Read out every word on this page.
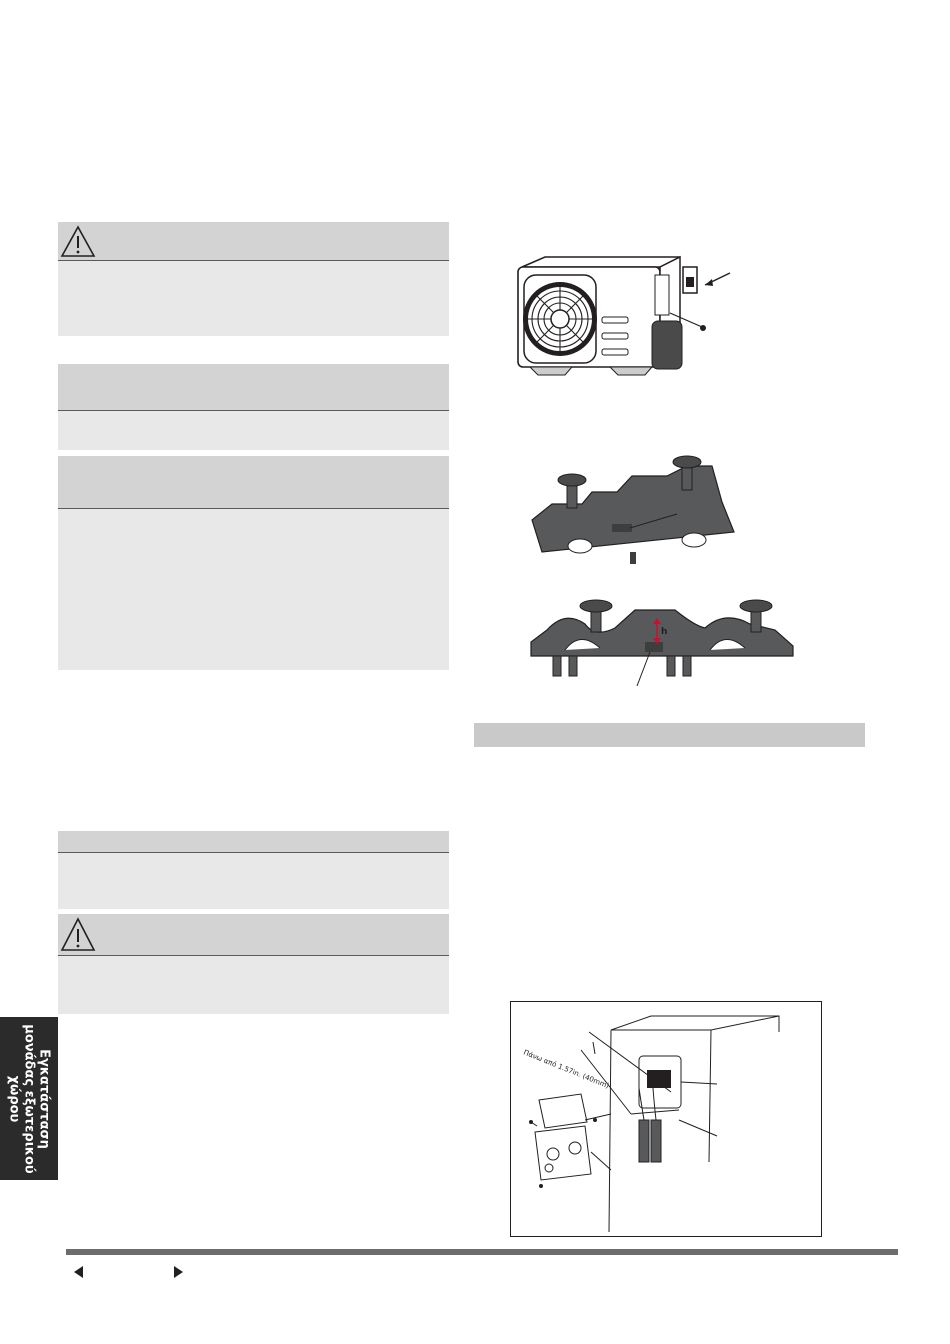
Εγκατάσταση μονάδας εξωτερικού χώρου
h
Πάνω από 1.57in. (40mm)
